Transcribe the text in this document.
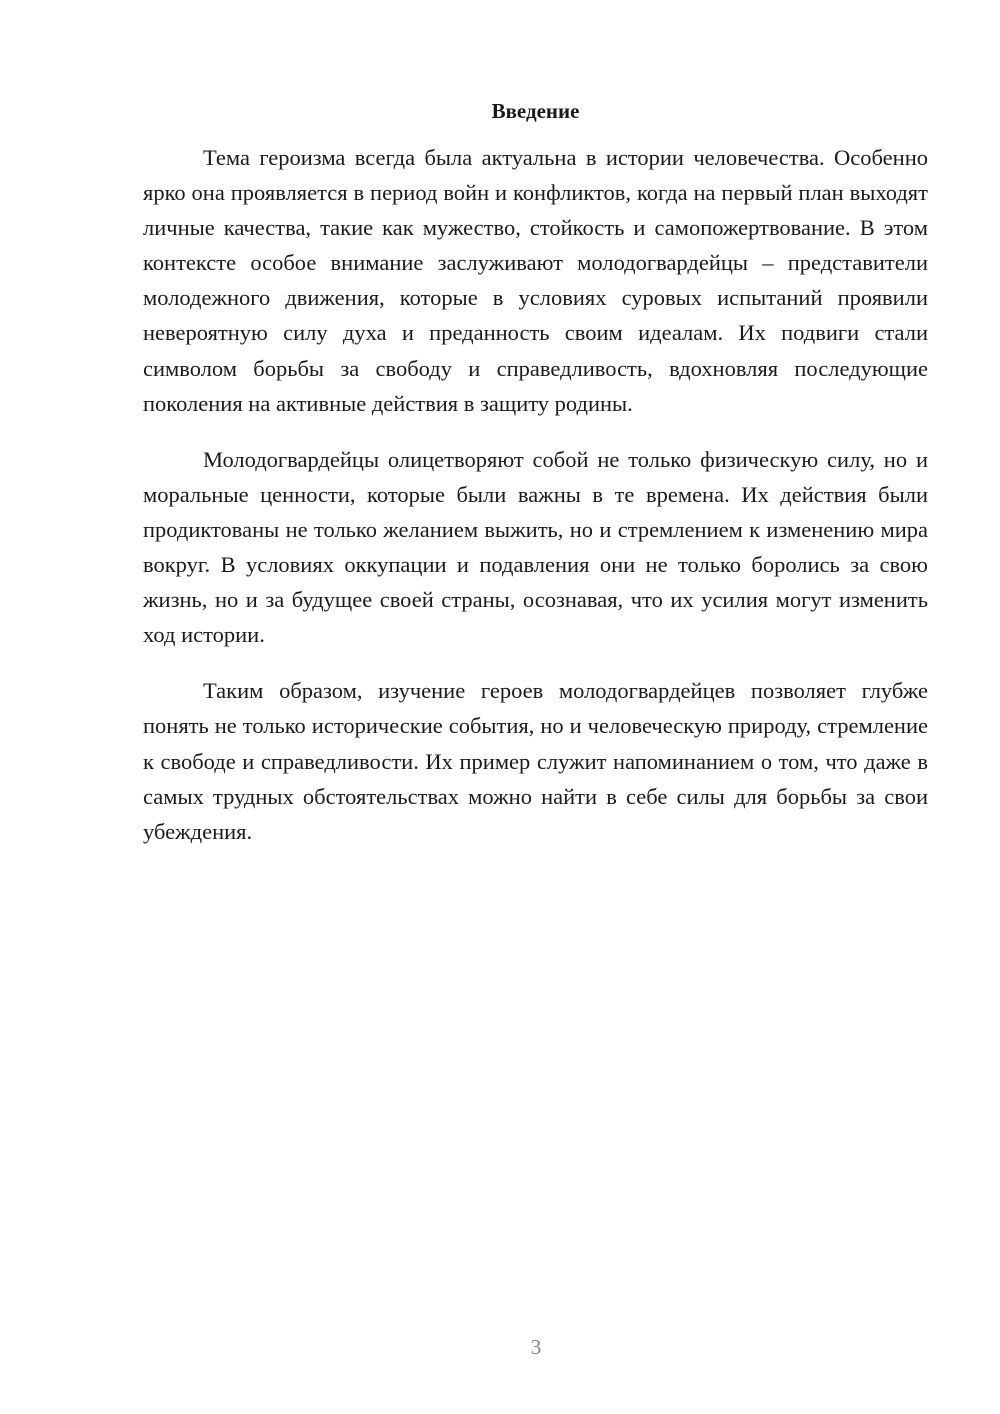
Введение

Тема героизма всегда была актуальна в истории человечества. Особенно ярко она проявляется в период войн и конфликтов, когда на первый план выходят личные качества, такие как мужество, стойкость и самопожертвование. В этом контексте особое внимание заслуживают молодогвардейцы – представители молодежного движения, которые в условиях суровых испытаний проявили невероятную силу духа и преданность своим идеалам. Их подвиги стали символом борьбы за свободу и справедливость, вдохновляя последующие поколения на активные действия в защиту родины.

Молодогвардейцы олицетворяют собой не только физическую силу, но и моральные ценности, которые были важны в те времена. Их действия были продиктованы не только желанием выжить, но и стремлением к изменению мира вокруг. В условиях оккупации и подавления они не только боролись за свою жизнь, но и за будущее своей страны, осознавая, что их усилия могут изменить ход истории.

Таким образом, изучение героев молодогвардейцев позволяет глубже понять не только исторические события, но и человеческую природу, стремление к свободе и справедливости. Их пример служит напоминанием о том, что даже в самых трудных обстоятельствах можно найти в себе силы для борьбы за свои убеждения.

3
